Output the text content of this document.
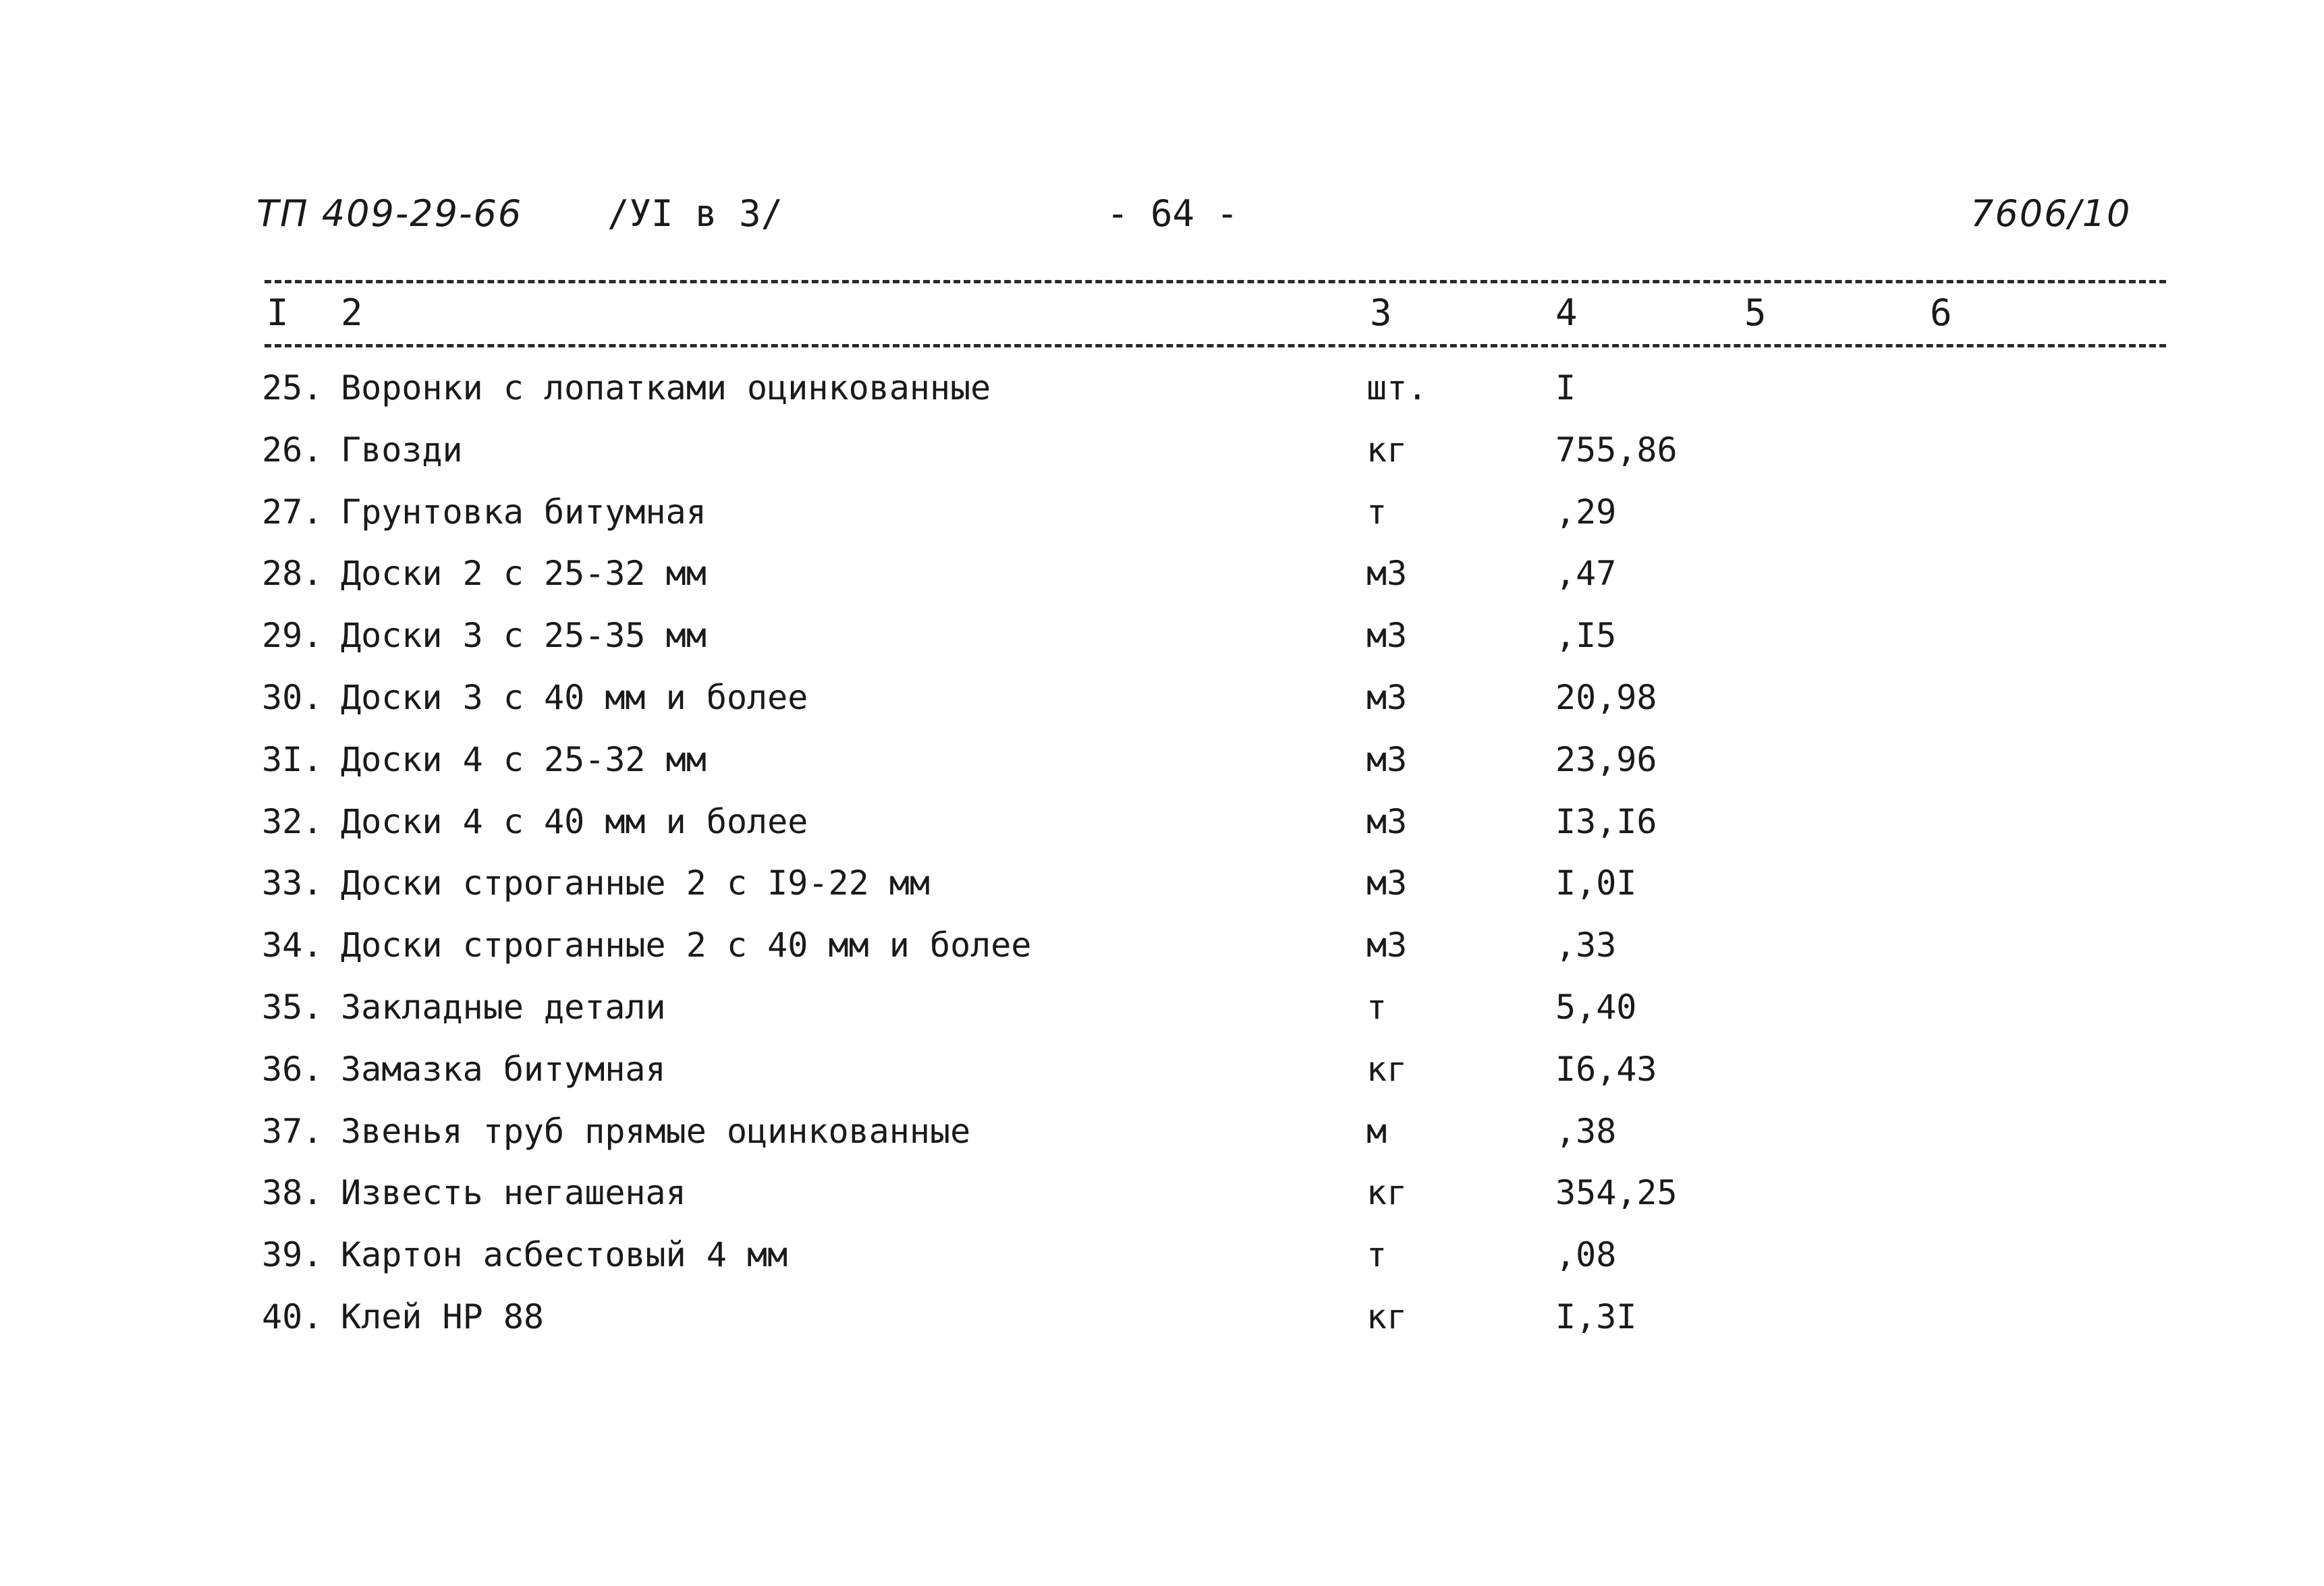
ТП 409-29-66 /УI в 3/	- 64 -	7606/10
I 2	3	4	5	6
25. Воронки с лопатками оцинкованные	шт.	I
26. Гвозди	кг	755,86
27. Грунтовка битумная	т	,29
28. Доски 2 с 25-32 мм	м3	,47
29. Доски 3 с 25-35 мм	м3	,I5
30. Доски 3 с 40 мм и более	м3	20,98
3I. Доски 4 с 25-32 мм	м3	23,96
32. Доски 4 с 40 мм и более	м3	I3,I6
33. Доски строганные 2 с I9-22 мм	м3	I,0I
34. Доски строганные 2 с 40 мм и более	м3	,33
35. Закладные детали	т	5,40
36. Замазка битумная	кг	I6,43
37. Звенья труб прямые оцинкованные	м	,38
38. Известь негашеная	кг	354,25
39. Картон асбестовый 4 мм	т	,08
40. Клей НР 88	кг	I,3I
